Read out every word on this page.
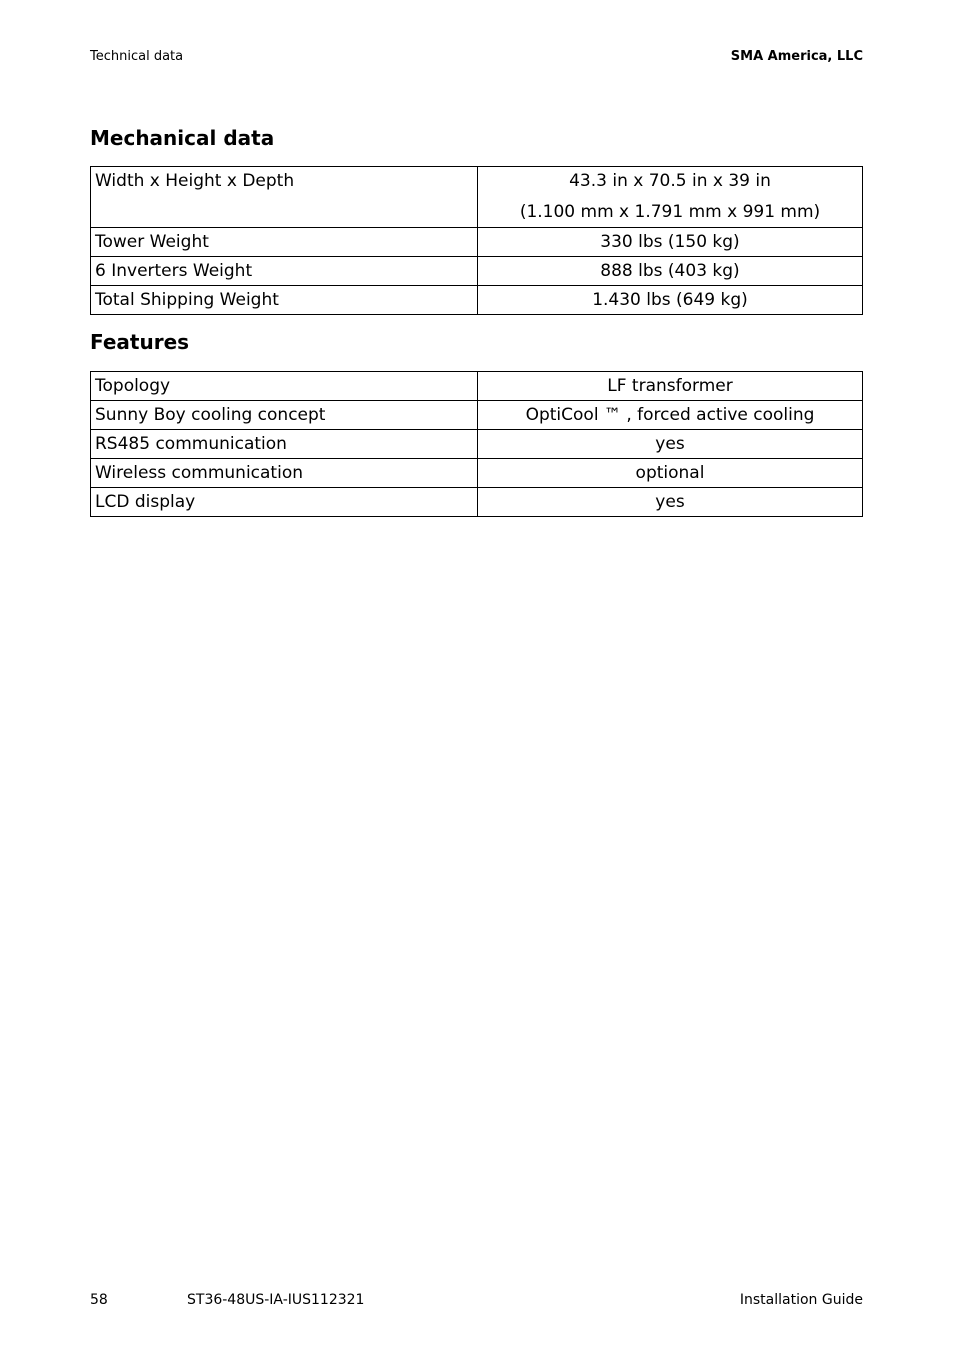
Technical data	SMA America, LLC
Mechanical data
Width x Height x Depth	43.3 in x 70.5 in x 39 in
(1.100 mm x 1.791 mm x 991 mm)

Tower Weight	330 lbs (150 kg)
6 Inverters Weight	888 lbs (403 kg)
Total Shipping Weight	1.430 lbs (649 kg)
Features
Topology	LF transformer
Sunny Boy cooling concept	OptiCool ™ , forced active cooling
RS485 communication	yes
Wireless communication	optional
LCD display	yes
58	ST36-48US-IA-IUS112321	Installation Guide
